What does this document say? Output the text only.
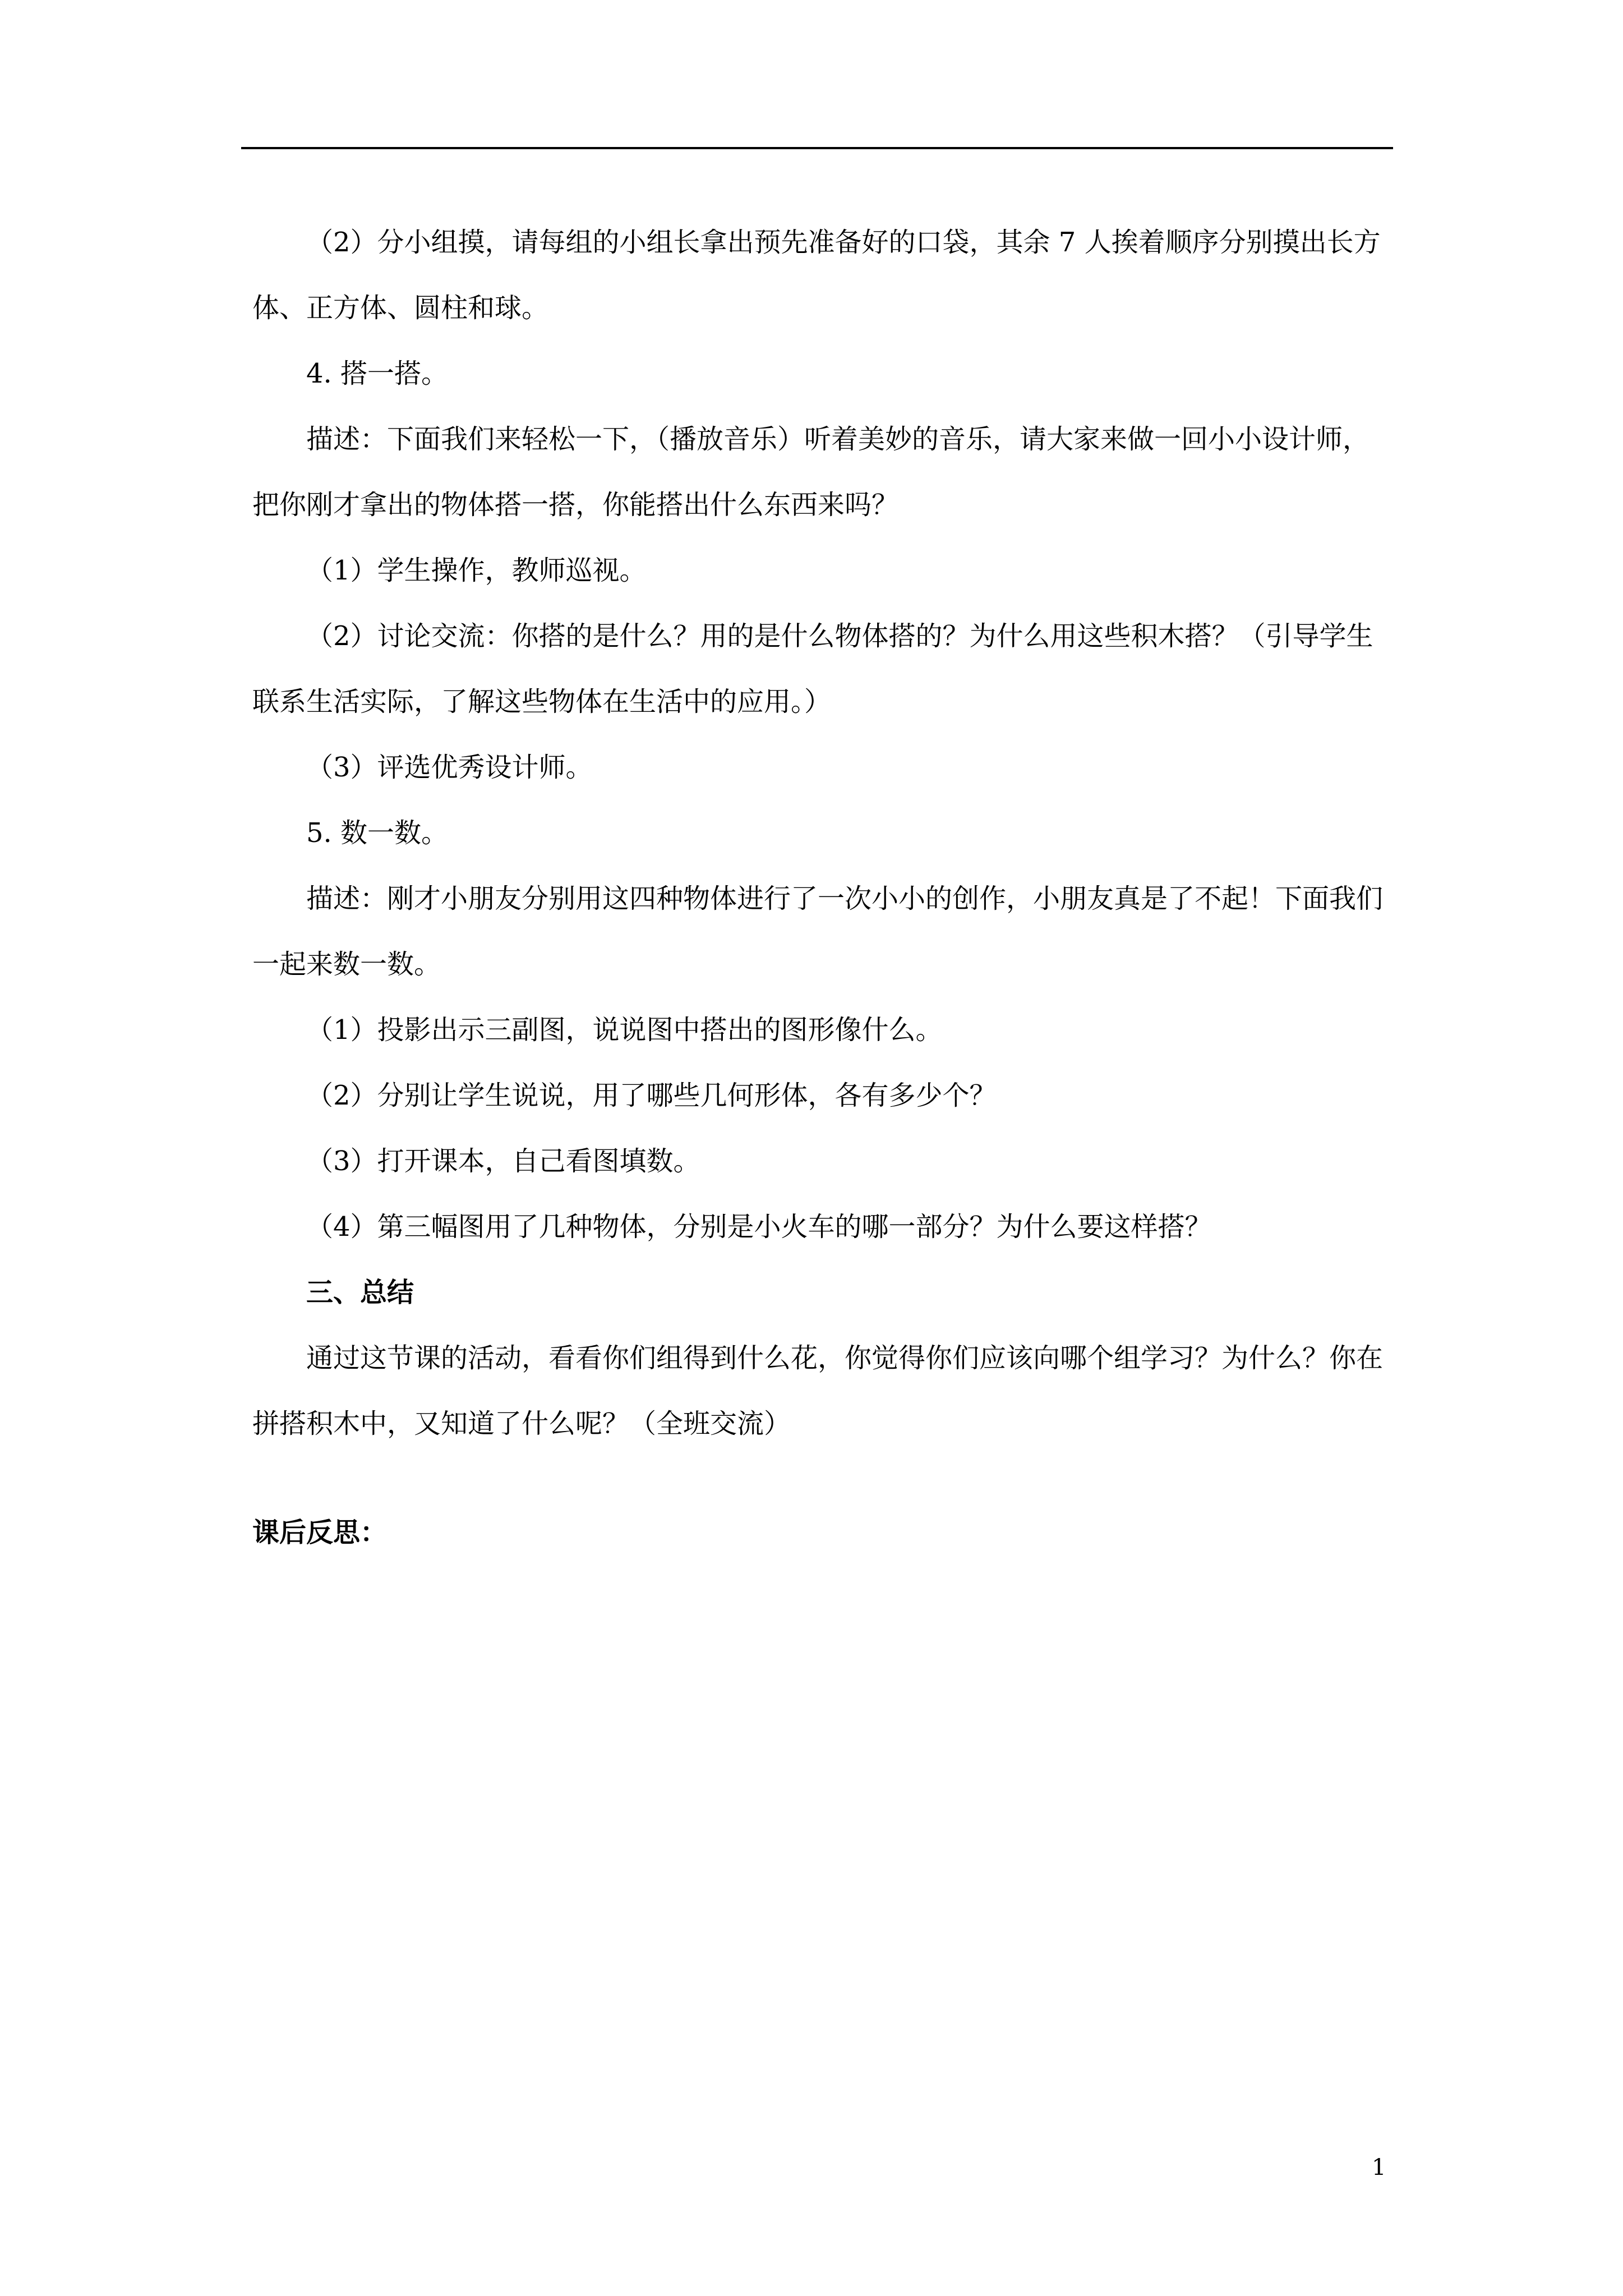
（2）分小组摸，请每组的小组长拿出预先准备好的口袋，其余 7 人挨着顺序分别摸出长方体、正方体、圆柱和球。

4. 搭一搭。

描述：下面我们来轻松一下，（播放音乐）听着美妙的音乐，请大家来做一回小小设计师，把你刚才拿出的物体搭一搭，你能搭出什么东西来吗？

（1）学生操作，教师巡视。

（2）讨论交流：你搭的是什么？用的是什么物体搭的？为什么用这些积木搭？（引导学生联系生活实际，了解这些物体在生活中的应用。）

（3）评选优秀设计师。

5. 数一数。

描述：刚才小朋友分别用这四种物体进行了一次小小的创作，小朋友真是了不起！下面我们一起来数一数。

（1）投影出示三副图，说说图中搭出的图形像什么。

（2）分别让学生说说，用了哪些几何形体，各有多少个？

（3）打开课本，自己看图填数。

（4）第三幅图用了几种物体，分别是小火车的哪一部分？为什么要这样搭？

三、总结

通过这节课的活动，看看你们组得到什么花，你觉得你们应该向哪个组学习？为什么？你在拼搭积木中，又知道了什么呢？（全班交流）

课后反思：

1
